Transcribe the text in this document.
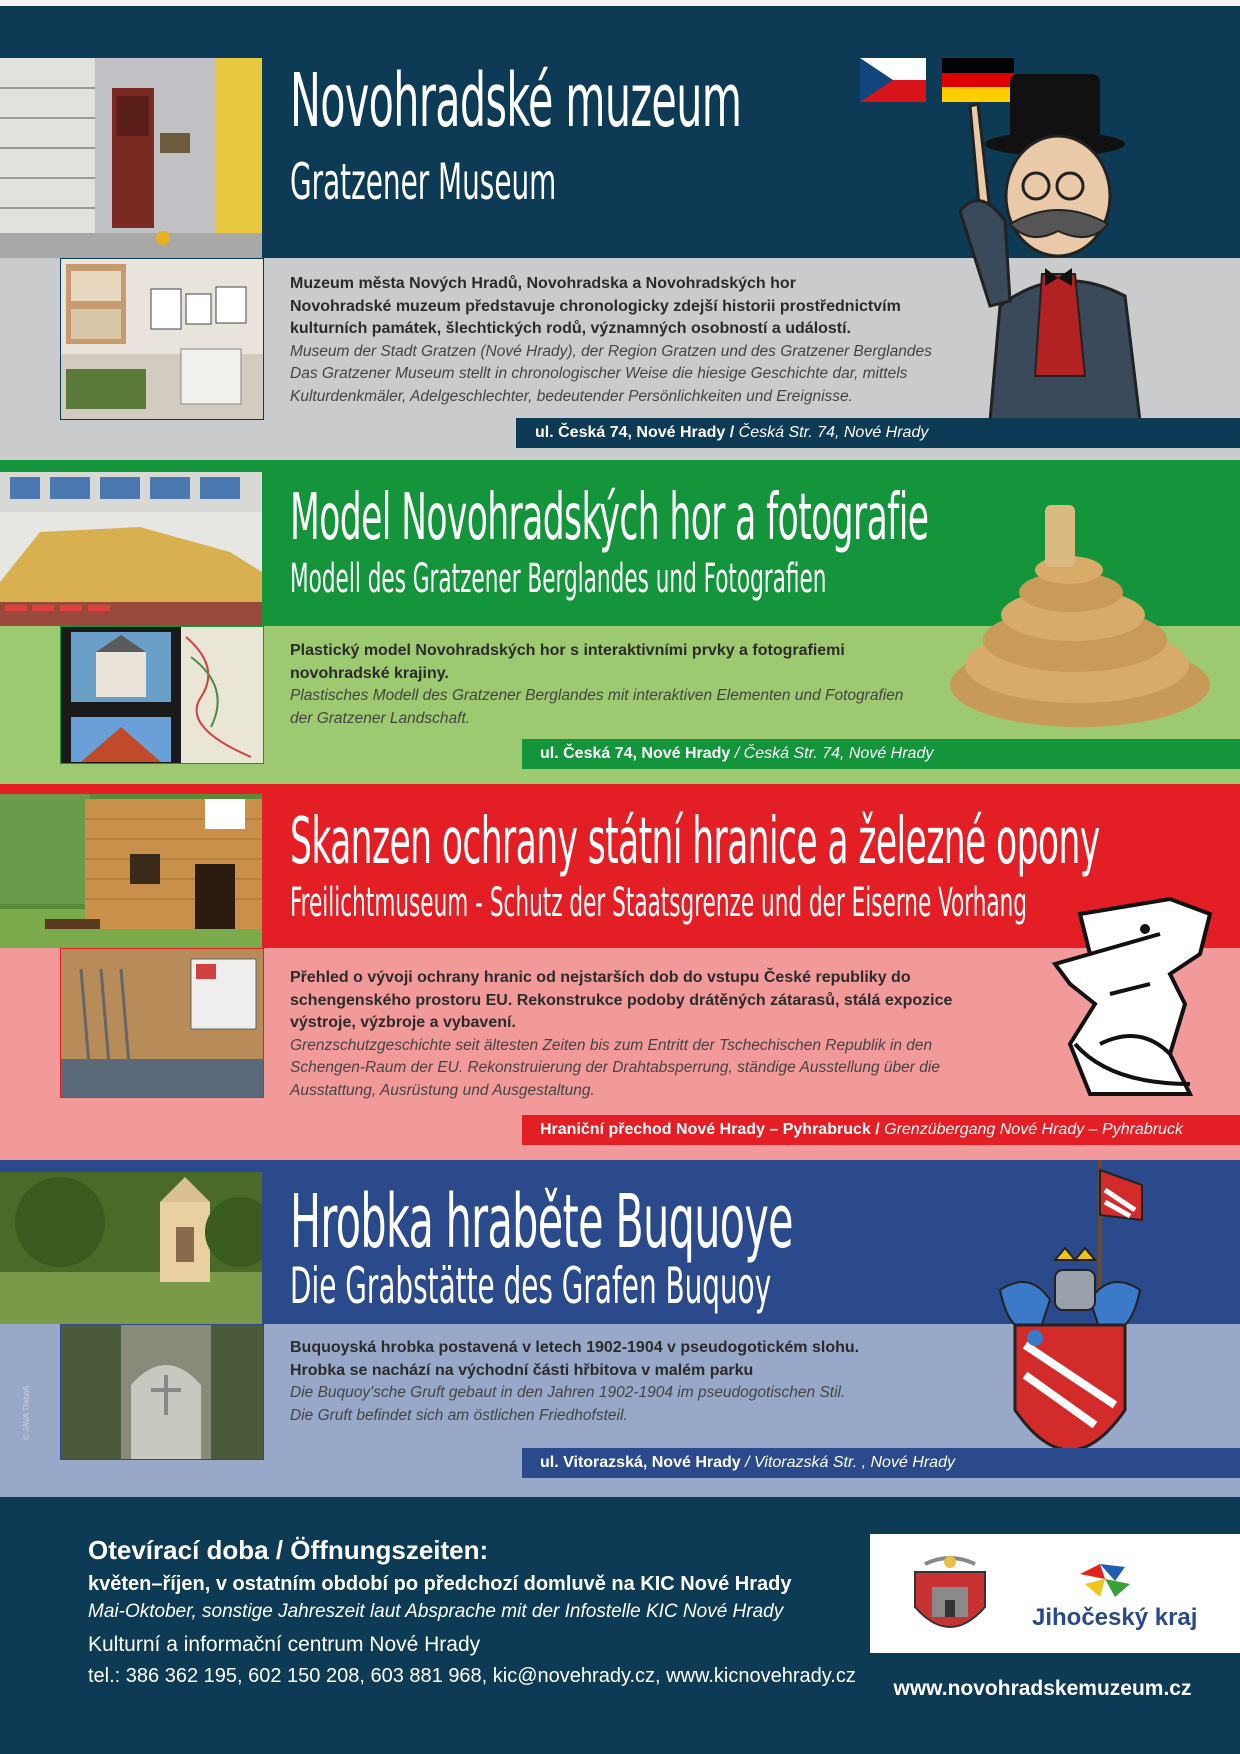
Novohradské muzeum
Gratzener Museum
Muzeum města Nových Hradů, Novohradska a Novohradských hor
Novohradské muzeum představuje chronologicky zdejší historii prostřednictvím
kulturních památek, šlechtických rodů, významných osobností a událostí.
Museum der Stadt Gratzen (Nové Hrady), der Region Gratzen und des Gratzener Berglandes
Das Gratzener Museum stellt in chronologischer Weise die hiesige Geschichte dar, mittels
Kulturdenkmäler, Adelgeschlechter, bedeutender Persönlichkeiten und Ereignisse.
ul. Česká 74, Nové Hrady / Česká Str. 74, Nové Hrady
Model Novohradských hor a fotografie
Modell des Gratzener Berglandes und Fotografien
Plastický model Novohradských hor s interaktivními prvky a fotografiemi
novohradské krajiny.
Plastisches Modell des Gratzener Berglandes mit interaktiven Elementen und Fotografien
der Gratzener Landschaft.
ul. Česká 74, Nové Hrady / Česká Str. 74, Nové Hrady
Skanzen ochrany státní hranice a železné opony
Freilichtmuseum - Schutz der Staatsgrenze und der Eiserne Vorhang
Přehled o vývoji ochrany hranic od nejstarších dob do vstupu České republiky do
schengenského prostoru EU. Rekonstrukce podoby drátěných zátarasů, stálá expozice
výstroje, výzbroje a vybavení.
Grenzschutzgeschichte seit ältesten Zeiten bis zum Entritt der Tschechischen Republik in den
Schengen-Raum der EU. Rekonstruierung der Drahtabsperrung, ständige Ausstellung über die
Ausstattung, Ausrüstung und Ausgestaltung.
Hraniční přechod Nové Hrady – Pyhrabruck / Grenzübergang Nové Hrady – Pyhrabruck
Hrobka hraběte Buquoye
Die Grabstätte des Grafen Buquoy
Buquoyská hrobka postavená v letech 1902-1904 v pseudogotickém slohu.
Hrobka se nachází na východní části hřbitova v malém parku
Die Buquoy'sche Gruft gebaut in den Jahren 1902-1904 im pseudogotischen Stil.
Die Gruft befindet sich am östlichen Friedhofsteil.
ul. Vitorazská, Nové Hrady / Vitorazská Str. , Nové Hrady
© JAVA Třeboň
Otevírací doba / Öffnungszeiten:
květen–říjen, v ostatním období po předchozí domluvě na KIC Nové Hrady
Mai-Oktober, sonstige Jahreszeit laut Absprache mit der Infostelle KIC Nové Hrady
Kulturní a informační centrum Nové Hrady
tel.: 386 362 195, 602 150 208, 603 881 968, kic@novehrady.cz, www.kicnovehrady.cz
Jihočeský kraj
www.novohradskemuzeum.cz
